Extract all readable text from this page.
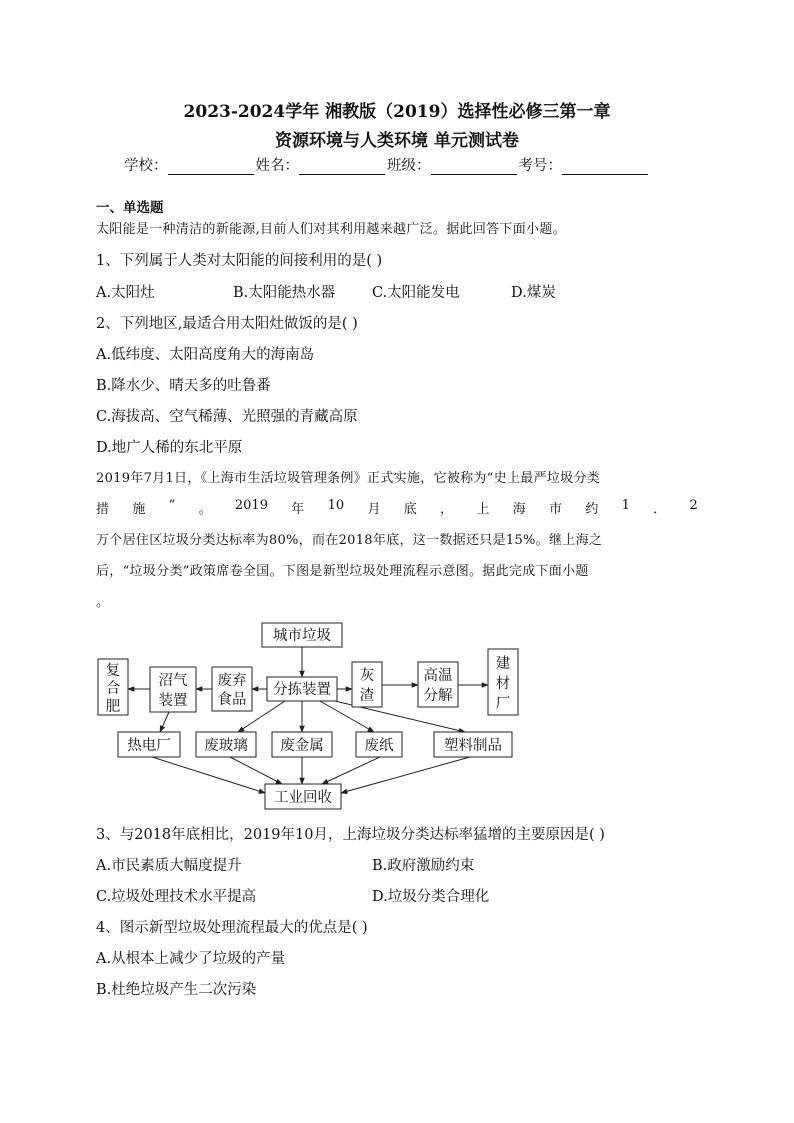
2023-2024学年 湘教版（2019）选择性必修三第一章
资源环境与人类环境 单元测试卷
学校：	姓名：	班级：	考号：
一、单选题
太阳能是一种清洁的新能源,目前人们对其利用越来越广泛。据此回答下面小题。
1、下列属于人类对太阳能的间接利用的是( )
A.太阳灶	B.太阳能热水器	C.太阳能发电	D.煤炭
2、下列地区,最适合用太阳灶做饭的是( )
A.低纬度、太阳高度角大的海南岛
B.降水少、晴天多的吐鲁番
C.海拔高、空气稀薄、光照强的青藏高原
D.地广人稀的东北平原
2019年7月1日，《上海市生活垃圾管理条例》正式实施，它被称为“史上最严垃圾分类
措 施 ” 。 2019 年 10 月 底 ， 上 海 市 约 1 ． 2
万个居住区垃圾分类达标率为80%，而在2018年底，这一数据还只是15%。继上海之
后，“垃圾分类”政策席卷全国。下图是新型垃圾处理流程示意图。据此完成下面小题
。
城市垃圾
分拣装置
废弃
食品
沼气
装置
复
合
肥
灰
渣
高温
分解
建
材
厂
热电厂 废玻璃 废金属	废纸	塑料制品
工业回收
3、与2018年底相比，2019年10月，上海垃圾分类达标率猛增的主要原因是( )
A.市民素质大幅度提升	B.政府激励约束
C.垃圾处理技术水平提高	D.垃圾分类合理化
4、图示新型垃圾处理流程最大的优点是( )
A.从根本上减少了垃圾的产量
B.杜绝垃圾产生二次污染
